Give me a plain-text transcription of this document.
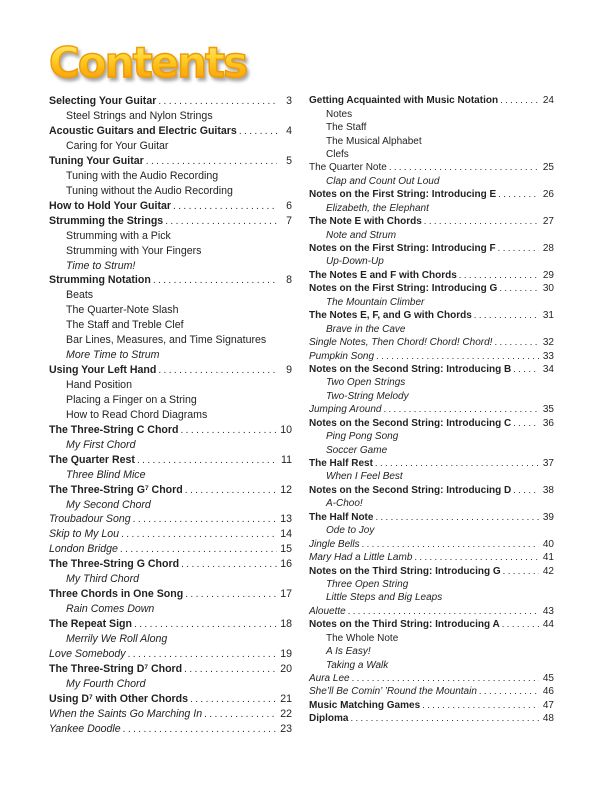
Contents
Selecting Your Guitar .....	3
Steel Strings and Nylon Strings
Acoustic Guitars and Electric Guitars .....	4
Caring for Your Guitar
Tuning Your Guitar .....	5
Tuning with the Audio Recording
Tuning without the Audio Recording
How to Hold Your Guitar .....	6
Strumming the Strings .....	7
Strumming with a Pick
Strumming with Your Fingers
Time to Strum!
Strumming Notation .....	8
Beats
The Quarter-Note Slash
The Staff and Treble Clef
Bar Lines, Measures, and Time Signatures
More Time to Strum
Using Your Left Hand .....	9
Hand Position
Placing a Finger on a String
How to Read Chord Diagrams
The Three-String C Chord .....	10
My First Chord
The Quarter Rest .....	11
Three Blind Mice
The Three-String $G^7$ Chord .....	12
My Second Chord
Troubadour Song .....	13
Skip to My Lou .....	14
London Bridge .....	15
The Three-String G Chord .....	16
My Third Chord
Three Chords in One Song .....	17
Rain Comes Down
The Repeat Sign .....	18
Merrily We Roll Along
Love Somebody .....	19
The Three-String $D^7$ Chord .....	20
My Fourth Chord
Using $D^7$ with Other Chords .....	21
When the Saints Go Marching In .....	22
Yankee Doodle .....	23
Getting Acquainted with Music Notation .....	24
Notes
The Staff
The Musical Alphabet
Clefs
The Quarter Note .....	25
Clap and Count Out Loud
Notes on the First String: Introducing E .....	26
Elizabeth, the Elephant
The Note E with Chords .....	27
Note and Strum
Notes on the First String: Introducing F .....	28
Up-Down-Up
The Notes E and F with Chords .....	29
Notes on the First String: Introducing G .....	30
The Mountain Climber
The Notes E, F, and G with Chords .....	31
Brave in the Cave
Single Notes, Then Chord! Chord! Chord! .....	32
Pumpkin Song .....	33
Notes on the Second String: Introducing B .....	34
Two Open Strings
Two-String Melody
Jumping Around .....	35
Notes on the Second String: Introducing C .....	36
Ping Pong Song
Soccer Game
The Half Rest .....	37
When I Feel Best
Notes on the Second String: Introducing D .....	38
A-Choo!
The Half Note .....	39
Ode to Joy
Jingle Bells .....	40
Mary Had a Little Lamb .....	41
Notes on the Third String: Introducing G .....	42
Three Open String
Little Steps and Big Leaps
Alouette .....	43
Notes on the Third String: Introducing A .....	44
The Whole Note
A Is Easy!
Taking a Walk
Aura Lee .....	45
She’ll Be Comin’ ’Round the Mountain .....	46
Music Matching Games .....	47
Diploma .....	48
